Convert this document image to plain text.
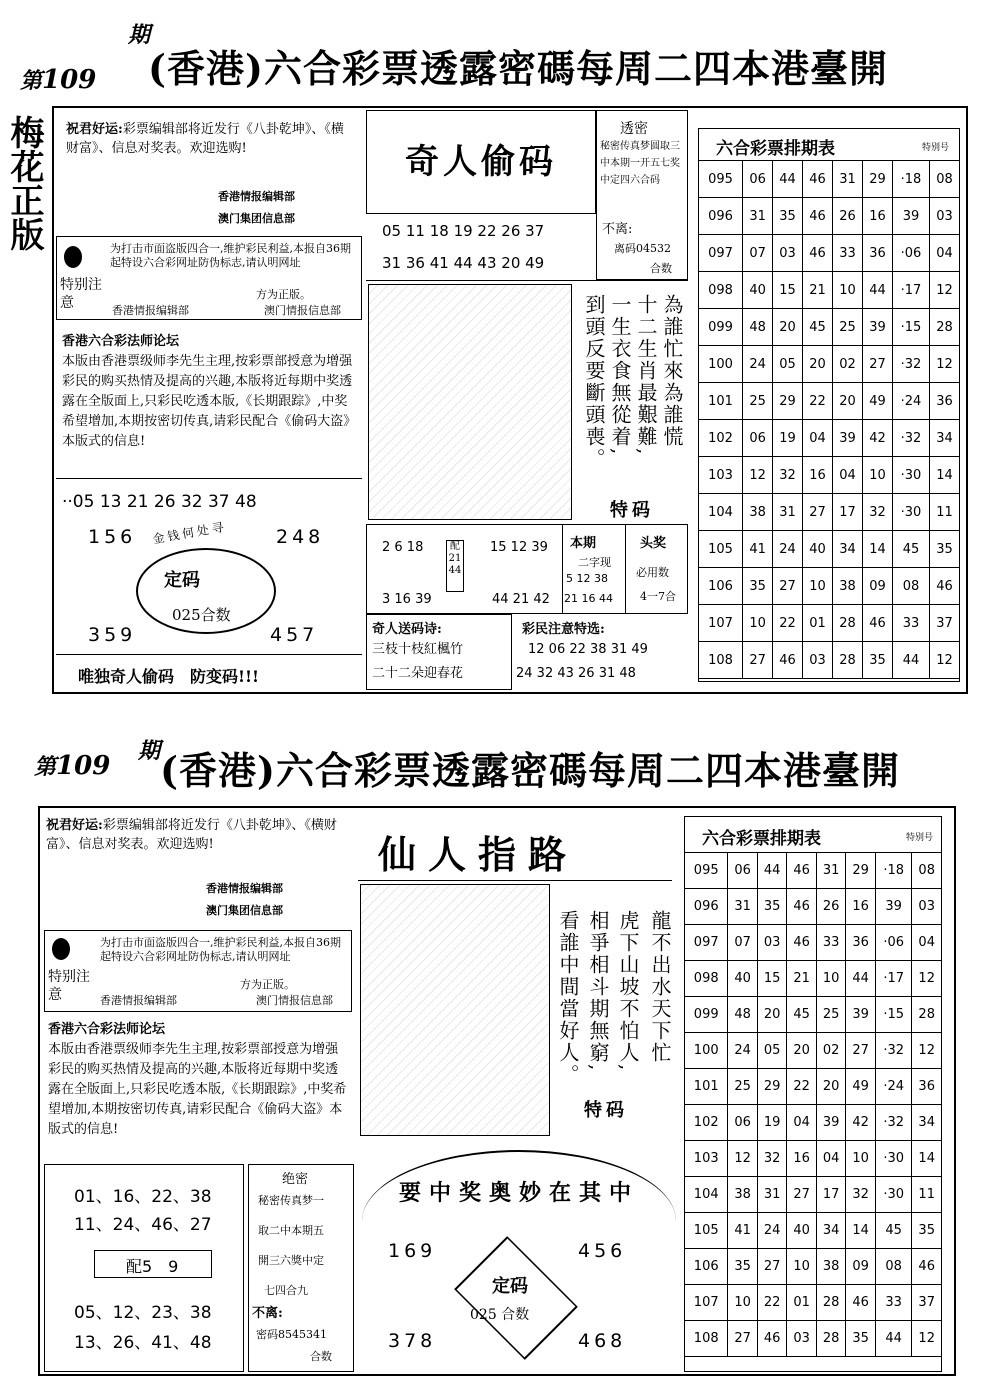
第109
期
(香港)六合彩票透露密碼每周二四本港臺開
梅花正版 祝君好运:彩票编辑部将近发行《八卦乾坤》、《横财富》、信息对奖表。欢迎选购!
香港情报编辑部
澳门集团信息部
特别注意
为打击市面盗版四合一,维护彩民利益,本报自36期起特设六合彩网址防伪标志,请认明网址
方为正版。
香港情报编辑部	澳门情报信息部
香港六合彩法师论坛
本版由香港票级师李先生主理,按彩票部授意为增强彩民的购买热情及提高的兴趣,本版将近每期中奖透露在全版面上,只彩民吃透本版,《长期跟踪》,中奖希望增加,本期按密切传真,请彩民配合《偷码大盗》本版式的信息!
··05 13 21 26 32 37 48
156	248
金钱何处寻
定码
025合数
359	457
唯独奇人偷码　防变码!!!
奇人偷码
05 11 18 19 22 26 37
31 36 41 44 43 20 49
為誰忙來為誰慌
十二生肖最艱難,
一生衣食無從着,
到頭反要斷頭喪。
特码
透密
秘密传真梦圆取三中本期一开五七奖中定四六合码
不离:
离码04532
合数
2 6 18
3 16 39
配 21 44
15 12 39
44 21 42
本期
二字现
5 12 38
21 16 44
头奖
必用数
4一7合
奇人送码诗:
三枝十枝紅楓竹
二十二朵迎春花
彩民注意特选:
12 06 22 38 31 49
24 32 43 26 31 48
六合彩票排期表	特别号
095	06	44	46	31	29	·18	08
096	31	35	46	26	16	39	03
097	07	03	46	33	36	·06	04
098	40	15	21	10	44	·17	12
099	48	20	45	25	39	·15	28
100	24	05	20	02	27	·32	12
101	25	29	22	20	49	·24	36
102	06	19	04	39	42	·32	34
103	12	32	16	04	10	·30	14
104	38	31	27	17	32	·30	11
105	41	24	40	34	14	45	35
106	35	27	10	38	09	08	46
107	10	22	01	28	46	33	37
108	27	46	03	28	35	44	12
第109 期 (香港)六合彩票透露密碼每周二四本港臺開
祝君好运:彩票编辑部将近发行《八卦乾坤》、《横财富》、信息对奖表。欢迎选购!
香港情报编辑部
澳门集团信息部
特别注意
为打击市面盗版四合一,维护彩民利益,本报自36期起特设六合彩网址防伪标志,请认明网址
方为正版。
香港情报编辑部	澳门情报信息部
香港六合彩法师论坛
本版由香港票级师李先生主理,按彩票部授意为增强彩民的购买热情及提高的兴趣,本版将近每期中奖透露在全版面上,只彩民吃透本版,《长期跟踪》,中奖希望增加,本期按密切传真,请彩民配合《偷码大盗》本版式的信息!
01、16、22、38
11、24、46、27
配5　9
05、12、23、38
13、26、41、48
绝密
秘密传真梦一
取二中本期五
開三六獎中定
七四合九
不离:
密码8545341
合数
仙人指路
龍不出水天下忙
虎下山坡不怕人,
相爭相斗期無窮,
看誰中間當好人。
特码
要中奖奥妙在其中
169	456
定码
025 合数
378	468
六合彩票排期表	特别号
095	06	44	46	31	29	·18	08
096	31	35	46	26	16	39	03
097	07	03	46	33	36	·06	04
098	40	15	21	10	44	·17	12
099	48	20	45	25	39	·15	28
100	24	05	20	02	27	·32	12
101	25	29	22	20	49	·24	36
102	06	19	04	39	42	·32	34
103	12	32	16	04	10	·30	14
104	38	31	27	17	32	·30	11
105	41	24	40	34	14	45	35
106	35	27	10	38	09	08	46
107	10	22	01	28	46	33	37
108	27	46	03	28	35	44	12
